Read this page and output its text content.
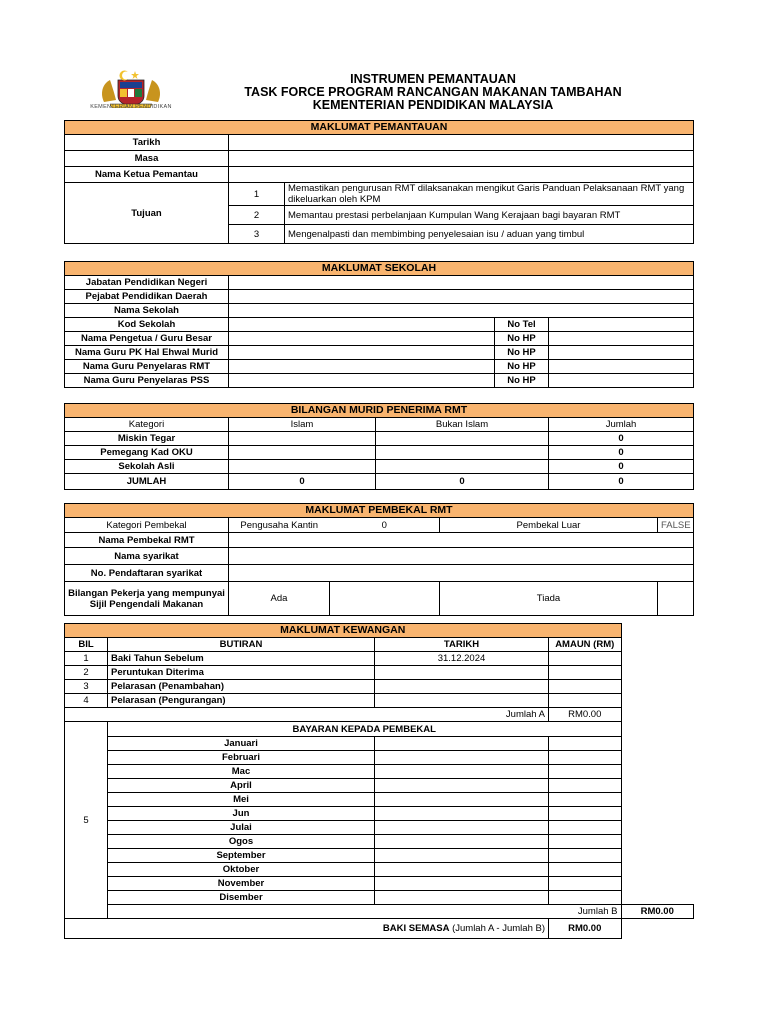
KEMENTERIAN PENDIDIKAN
INSTRUMEN PEMANTAUAN
TASK FORCE PROGRAM RANCANGAN MAKANAN TAMBAHAN
KEMENTERIAN PENDIDIKAN MALAYSIA
MAKLUMAT PEMANTAUAN		
Tarikh		
Masa		
Nama Ketua Pemantau		
Tujuan	1	Memastikan pengurusan RMT dilaksanakan mengikut Garis Panduan Pelaksanaan RMT yang dikeluarkan oleh KPM
	2	Memantau prestasi perbelanjaan Kumpulan Wang Kerajaan bagi bayaran RMT
	3	Mengenalpasti dan membimbing penyelesaian isu / aduan yang timbul
MAKLUMAT SEKOLAH			
Jabatan Pendidikan Negeri			
Pejabat Pendidikan Daerah			
Nama Sekolah			
Kod Sekolah		No Tel	
Nama Pengetua / Guru Besar		No HP	
Nama Guru PK Hal Ehwal Murid		No HP	
Nama Guru Penyelaras RMT		No HP	
Nama Guru Penyelaras PSS		No HP	
BILANGAN MURID PENERIMA RMT			
Kategori	Islam	Bukan Islam	Jumlah
Miskin Tegar			0
Pemegang Kad OKU			0
Sekolah Asli			0
JUMLAH	0	0	0
MAKLUMAT PEMBEKAL RMT				
Kategori Pembekal	Pengusaha Kantin	0	Pembekal Luar	FALSE
Nama Pembekal RMT				
Nama syarikat				
No. Pendaftaran syarikat				
Bilangan Pekerja yang mempunyai Sijil Pengendali Makanan	Ada		Tiada	
MAKLUMAT KEWANGAN				
BIL	BUTIRAN	TARIKH	AMAUN (RM)	
1	Baki Tahun Sebelum	31.12.2024		
2	Peruntukan Diterima			
3	Pelarasan (Penambahan)			
4	Pelarasan (Pengurangan)			
Jumlah A			RM0.00	
5	BAYARAN KEPADA PEMBEKAL			
	Januari			
	Februari			
	Mac			
	April			
	Mei			
	Jun			
	Julai			
	Ogos			
	September			
	Oktober			
	November			
	Disember			
	Jumlah B			RM0.00
BAKI SEMASA (Jumlah A - Jumlah B)			RM0.00	
